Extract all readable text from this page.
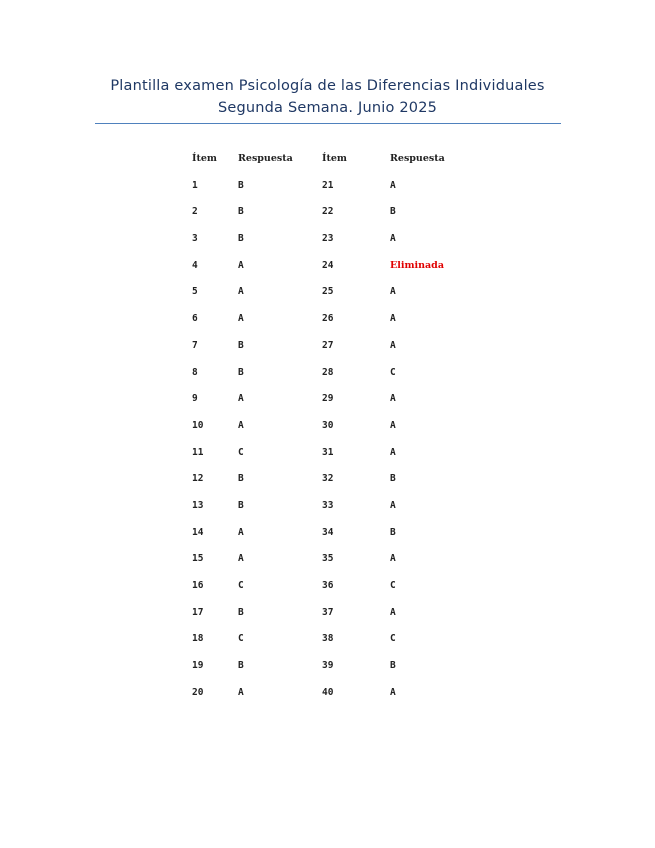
Plantilla examen Psicología de las Diferencias Individuales
Segunda Semana. Junio 2025
Ítem Respuesta	Ítem	Respuesta
1	B	21	A
2	B	22	B
3	B	23	A
4	A	24	Eliminada
5	A	25	A
6	A	26	A
7	B	27	A
8	B	28	C
9	A	29	A
10	A	30	A
11	C	31	A
12	B	32	B
13	B	33	A
14	A	34	B
15	A	35	A
16	C	36	C
17	B	37	A
18	C	38	C
19	B	39	B
20	A	40	A
